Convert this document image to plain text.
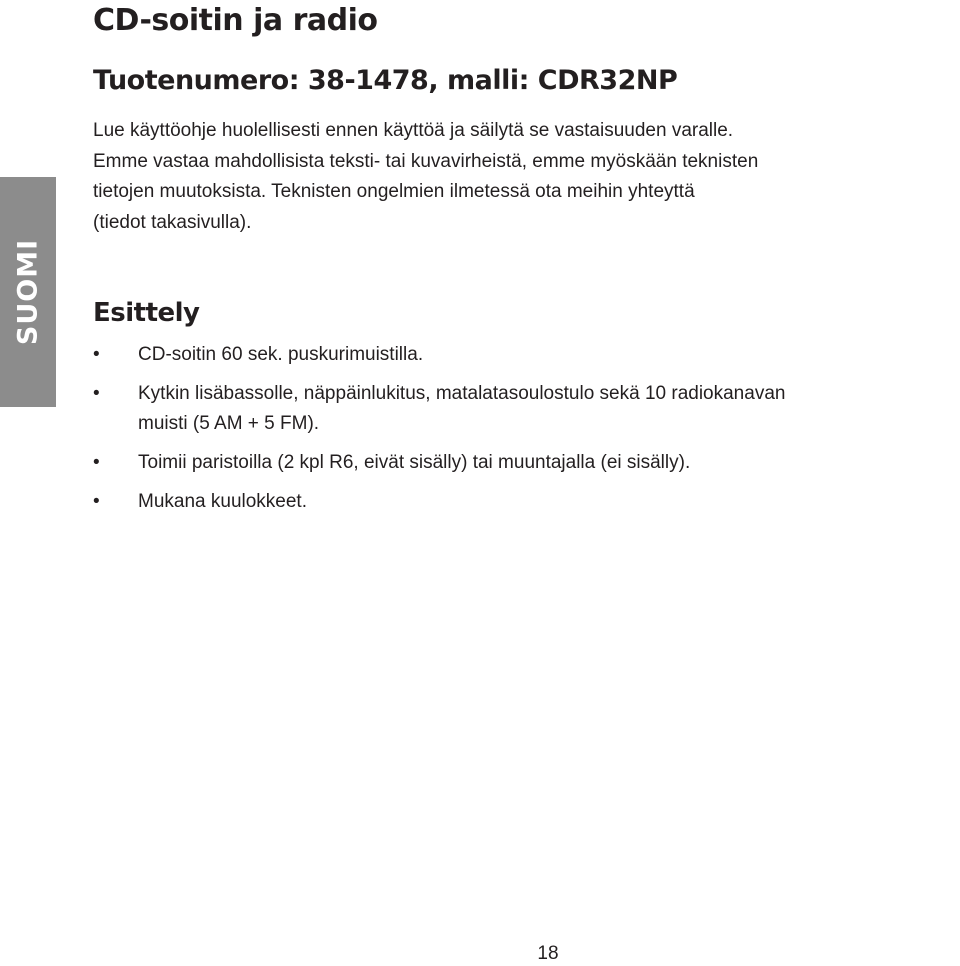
SUOMI
CD-soitin ja radio
Tuotenumero: 38-1478, malli: CDR32NP

Lue käyttöohje huolellisesti ennen käyttöä ja säilytä se vastaisuuden varalle.
Emme vastaa mahdollisista teksti- tai kuvavirheistä, emme myöskään teknisten
tietojen muutoksista. Teknisten ongelmien ilmetessä ota meihin yhteyttä
(tiedot takasivulla).

Esittely
• CD-soitin 60 sek. puskurimuistilla.
• Kytkin lisäbassolle, näppäinlukitus, matalatasoulostulo sekä 10 radiokanavan
muisti (5 AM + 5 FM).
• Toimii paristoilla (2 kpl R6, eivät sisälly) tai muuntajalla (ei sisälly).
• Mukana kuulokkeet.
18
